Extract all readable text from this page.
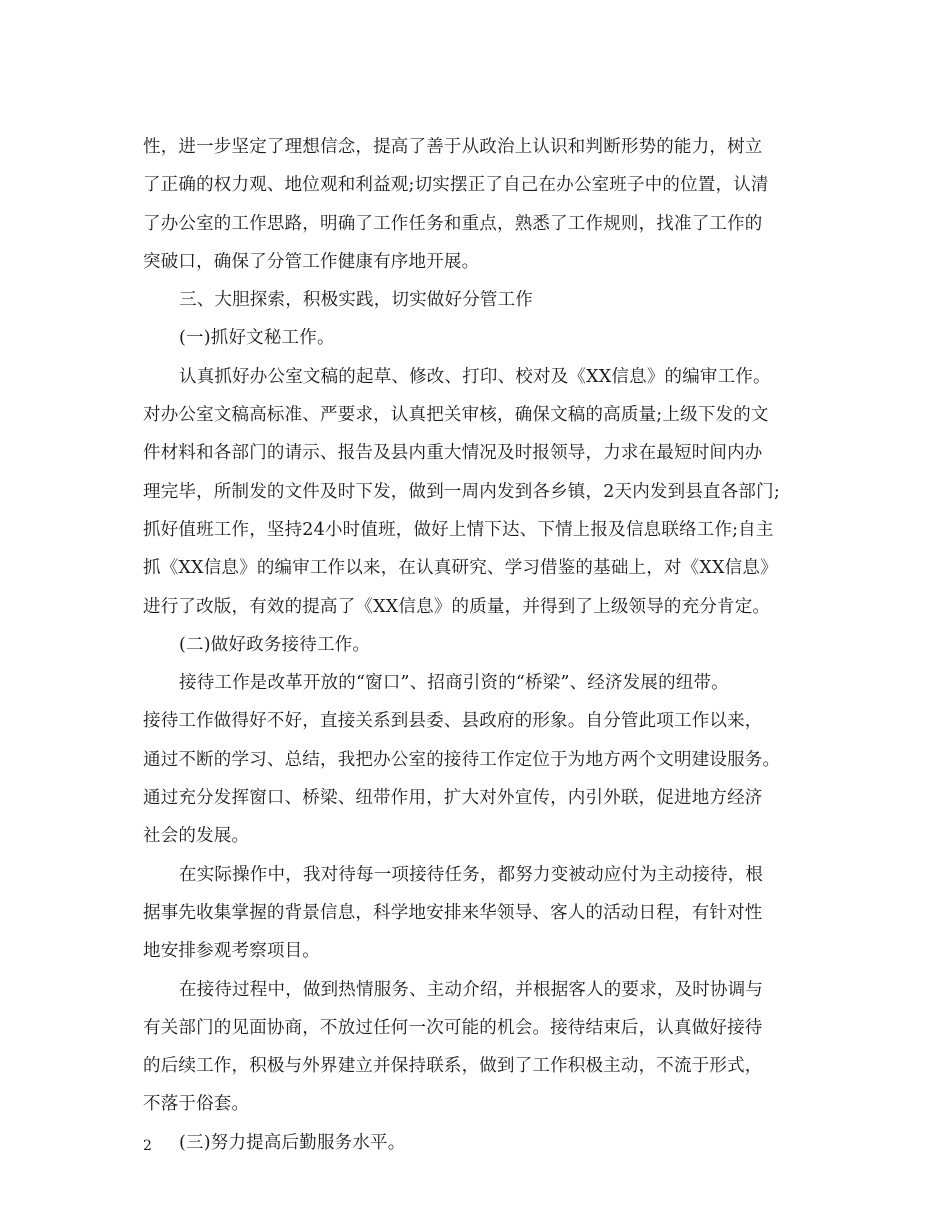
性，进一步坚定了理想信念，提高了善于从政治上认识和判断形势的能力，树立
了正确的权力观、地位观和利益观;切实摆正了自己在办公室班子中的位置，认清
了办公室的工作思路，明确了工作任务和重点，熟悉了工作规则，找准了工作的
突破口，确保了分管工作健康有序地开展。
三、大胆探索，积极实践，切实做好分管工作
(一)抓好文秘工作。
认真抓好办公室文稿的起草、修改、打印、校对及《XX信息》的编审工作。
对办公室文稿高标准、严要求，认真把关审核，确保文稿的高质量;上级下发的文
件材料和各部门的请示、报告及县内重大情况及时报领导，力求在最短时间内办
理完毕，所制发的文件及时下发，做到一周内发到各乡镇，2天内发到县直各部门;
抓好值班工作，坚持24小时值班，做好上情下达、下情上报及信息联络工作;自主
抓《XX信息》的编审工作以来，在认真研究、学习借鉴的基础上，对《XX信息》
进行了改版，有效的提高了《XX信息》的质量，并得到了上级领导的充分肯定。
(二)做好政务接待工作。
接待工作是改革开放的“窗口”、招商引资的“桥梁”、经济发展的纽带。
接待工作做得好不好，直接关系到县委、县政府的形象。自分管此项工作以来，
通过不断的学习、总结，我把办公室的接待工作定位于为地方两个文明建设服务。
通过充分发挥窗口、桥梁、纽带作用，扩大对外宣传，内引外联，促进地方经济
社会的发展。
在实际操作中，我对待每一项接待任务，都努力变被动应付为主动接待，根
据事先收集掌握的背景信息，科学地安排来华领导、客人的活动日程，有针对性
地安排参观考察项目。
在接待过程中，做到热情服务、主动介绍，并根据客人的要求，及时协调与
有关部门的见面协商，不放过任何一次可能的机会。接待结束后，认真做好接待
的后续工作，积极与外界建立并保持联系，做到了工作积极主动，不流于形式，
不落于俗套。
(三)努力提高后勤服务水平。
2
